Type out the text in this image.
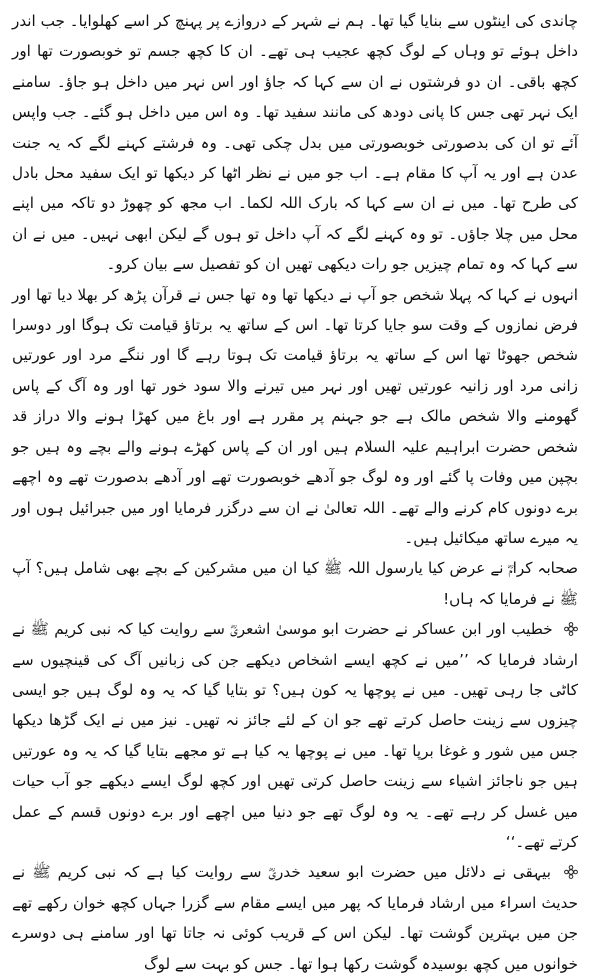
چاندی کی اینٹوں سے بنایا گیا تھا۔ ہم نے شہر کے دروازے پر پہنچ کر اسے کھلوایا۔ جب اندر داخل ہوئے تو وہاں کے لوگ کچھ عجیب ہی تھے۔ ان کا کچھ جسم تو خوبصورت تھا اور کچھ باقی۔ ان دو فرشتوں نے ان سے کہا کہ جاؤ اور اس نہر میں داخل ہو جاؤ۔ سامنے ایک نہر تھی جس کا پانی دودھ کی مانند سفید تھا۔ وہ اس میں داخل ہو گئے۔ جب واپس آئے تو ان کی بدصورتی خوبصورتی میں بدل چکی تھی۔ وہ فرشتے کہنے لگے کہ یہ جنت عدن ہے اور یہ آپ کا مقام ہے۔ اب جو میں نے نظر اٹھا کر دیکھا تو ایک سفید محل بادل کی طرح تھا۔ میں نے ان سے کہا کہ بارک اللہ لکما۔ اب مجھ کو چھوڑ دو تاکہ میں اپنے محل میں چلا جاؤں۔ تو وہ کہنے لگے کہ آپ داخل تو ہوں گے لیکن ابھی نہیں۔ میں نے ان سے کہا کہ وہ تمام چیزیں جو رات دیکھی تھیں ان کو تفصیل سے بیان کرو۔

انہوں نے کہا کہ پہلا شخص جو آپ نے دیکھا تھا وہ تھا جس نے قرآن پڑھ کر بھلا دیا تھا اور فرض نمازوں کے وقت سو جایا کرتا تھا۔ اس کے ساتھ یہ برتاؤ قیامت تک ہوگا اور دوسرا شخص جھوٹا تھا اس کے ساتھ یہ برتاؤ قیامت تک ہوتا رہے گا اور ننگے مرد اور عورتیں زانی مرد اور زانیہ عورتیں تھیں اور نہر میں تیرنے والا سود خور تھا اور وہ آگ کے پاس گھومنے والا شخص مالک ہے جو جہنم پر مقرر ہے اور باغ میں کھڑا ہونے والا دراز قد شخص حضرت ابراہیم علیہ السلام ہیں اور ان کے پاس کھڑے ہونے والے بچے وہ ہیں جو بچپن میں وفات پا گئے اور وہ لوگ جو آدھے خوبصورت تھے اور آدھے بدصورت تھے وہ اچھے برے دونوں کام کرنے والے تھے۔ اللہ تعالیٰ نے ان سے درگزر فرمایا اور میں جبرائیل ہوں اور یہ میرے ساتھ میکائیل ہیں۔

صحابہ کرامؓ نے عرض کیا یارسول اللہ ﷺ کیا ان میں مشرکین کے بچے بھی شامل ہیں؟ آپ ﷺ نے فرمایا کہ ہاں!

خطیب اور ابن عساکر نے حضرت ابو موسیٰ اشعریؓ سے روایت کیا کہ نبی کریم ﷺ نے ارشاد فرمایا کہ ’’میں نے کچھ ایسے اشخاص دیکھے جن کی زبانیں آگ کی قینچیوں سے کاٹی جا رہی تھیں۔ میں نے پوچھا یہ کون ہیں؟ تو بتایا گیا کہ یہ وہ لوگ ہیں جو ایسی چیزوں سے زینت حاصل کرتے تھے جو ان کے لئے جائز نہ تھیں۔ نیز میں نے ایک گڑھا دیکھا جس میں شور و غوغا برپا تھا۔ میں نے پوچھا یہ کیا ہے تو مجھے بتایا گیا کہ یہ وہ عورتیں ہیں جو ناجائز اشیاء سے زینت حاصل کرتی تھیں اور کچھ لوگ ایسے دیکھے جو آب حیات میں غسل کر رہے تھے۔ یہ وہ لوگ تھے جو دنیا میں اچھے اور برے دونوں قسم کے عمل کرتے تھے۔‘‘

بیہقی نے دلائل میں حضرت ابو سعید خدریؓ سے روایت کیا ہے کہ نبی کریم ﷺ نے حدیث اسراء میں ارشاد فرمایا کہ پھر میں ایسے مقام سے گزرا جہاں کچھ خوان رکھے تھے جن میں بہترین گوشت تھا۔ لیکن اس کے قریب کوئی نہ جاتا تھا اور سامنے ہی دوسرے خوانوں میں کچھ بوسیدہ گوشت رکھا ہوا تھا۔ جس کو بہت سے لوگ
